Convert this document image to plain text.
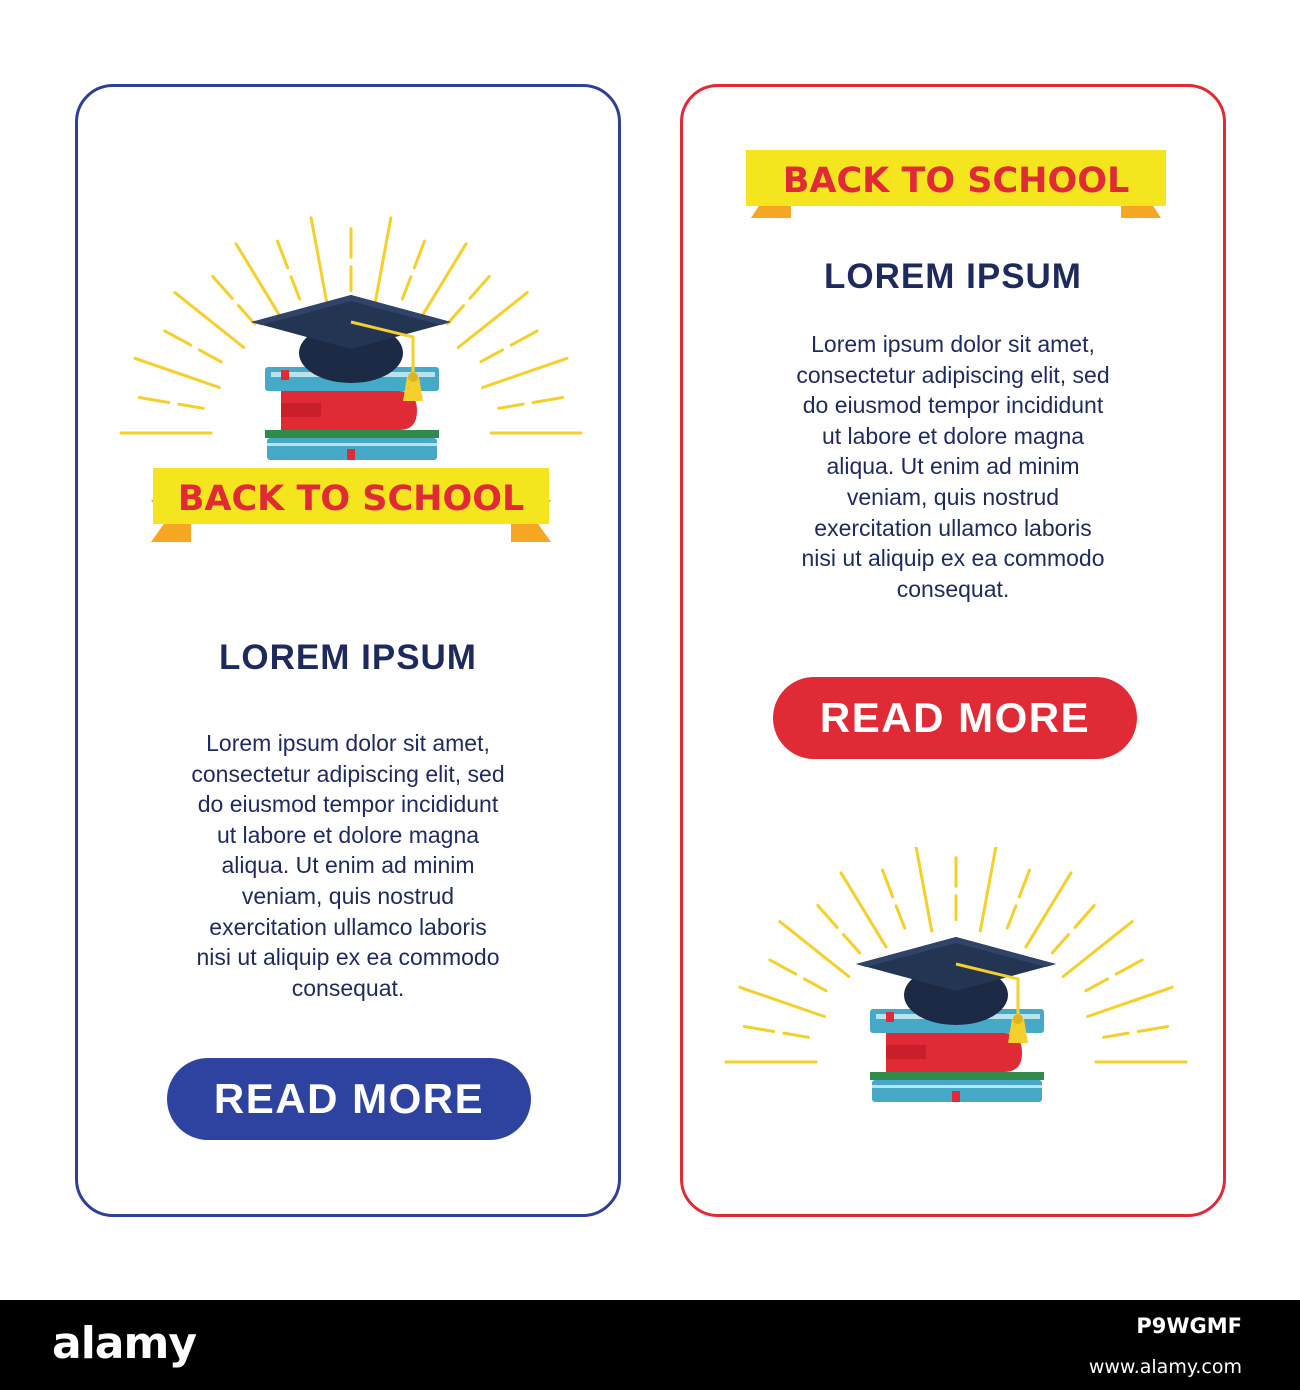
BACK TO SCHOOL
LOREM IPSUM
Lorem ipsum dolor sit amet,
consectetur adipiscing elit, sed
do eiusmod tempor incididunt
ut labore et dolore magna
aliqua. Ut enim ad minim
veniam, quis nostrud
exercitation ullamco laboris
nisi ut aliquip ex ea commodo
consequat.
READ MORE
BACK TO SCHOOL
LOREM IPSUM
Lorem ipsum dolor sit amet,
consectetur adipiscing elit, sed
do eiusmod tempor incididunt
ut labore et dolore magna
aliqua. Ut enim ad minim
veniam, quis nostrud
exercitation ullamco laboris
nisi ut aliquip ex ea commodo
consequat.
READ MORE
alamy	P9WGMF
www.alamy.com
